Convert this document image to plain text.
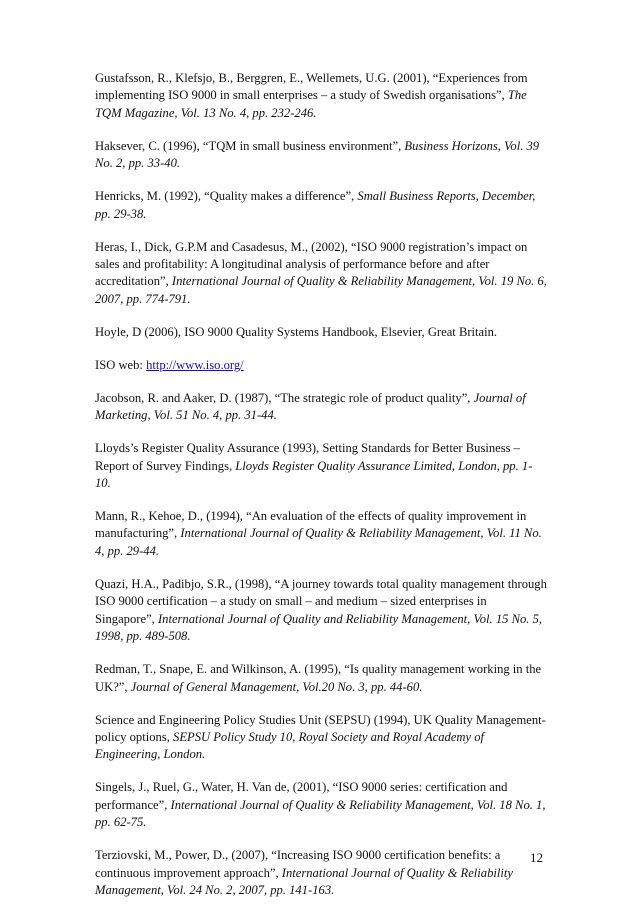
Gustafsson, R., Klefsjo, B., Berggren, E., Wellemets, U.G. (2001), “Experiences from implementing ISO 9000 in small enterprises – a study of Swedish organisations”, The TQM Magazine, Vol. 13 No. 4, pp. 232-246.

Haksever, C. (1996), “TQM in small business environment”, Business Horizons, Vol. 39 No. 2, pp. 33-40.

Henricks, M. (1992), “Quality makes a difference”, Small Business Reports, December, pp. 29-38.

Heras, I., Dick, G.P.M and Casadesus, M., (2002), “ISO 9000 registration’s impact on sales and profitability: A longitudinal analysis of performance before and after accreditation”, International Journal of Quality & Reliability Management, Vol. 19 No. 6, 2007, pp. 774-791.

Hoyle, D (2006), ISO 9000 Quality Systems Handbook, Elsevier, Great Britain.

ISO web: http://www.iso.org/

Jacobson, R. and Aaker, D. (1987), “The strategic role of product quality”, Journal of Marketing, Vol. 51 No. 4, pp. 31-44.

Lloyds’s Register Quality Assurance (1993), Setting Standards for Better Business – Report of Survey Findings, Lloyds Register Quality Assurance Limited, London, pp. 1-10.

Mann, R., Kehoe, D., (1994), “An evaluation of the effects of quality improvement in manufacturing”, International Journal of Quality & Reliability Management, Vol. 11 No. 4, pp. 29-44.

Quazi, H.A., Padibjo, S.R., (1998), “A journey towards total quality management through ISO 9000 certification – a study on small – and medium – sized enterprises in Singapore”, International Journal of Quality and Reliability Management, Vol. 15 No. 5, 1998, pp. 489-508.

Redman, T., Snape, E. and Wilkinson, A. (1995), “Is quality management working in the UK?”, Journal of General Management, Vol.20 No. 3, pp. 44-60.

Science and Engineering Policy Studies Unit (SEPSU) (1994), UK Quality Management-policy options, SEPSU Policy Study 10, Royal Society and Royal Academy of Engineering, London.

Singels, J., Ruel, G., Water, H. Van de, (2001), “ISO 9000 series: certification and performance”, International Journal of Quality & Reliability Management, Vol. 18 No. 1, pp. 62-75.

Terziovski, M., Power, D., (2007), “Increasing ISO 9000 certification benefits: a continuous improvement approach”, International Journal of Quality & Reliability Management, Vol. 24 No. 2, 2007, pp. 141-163.

12
